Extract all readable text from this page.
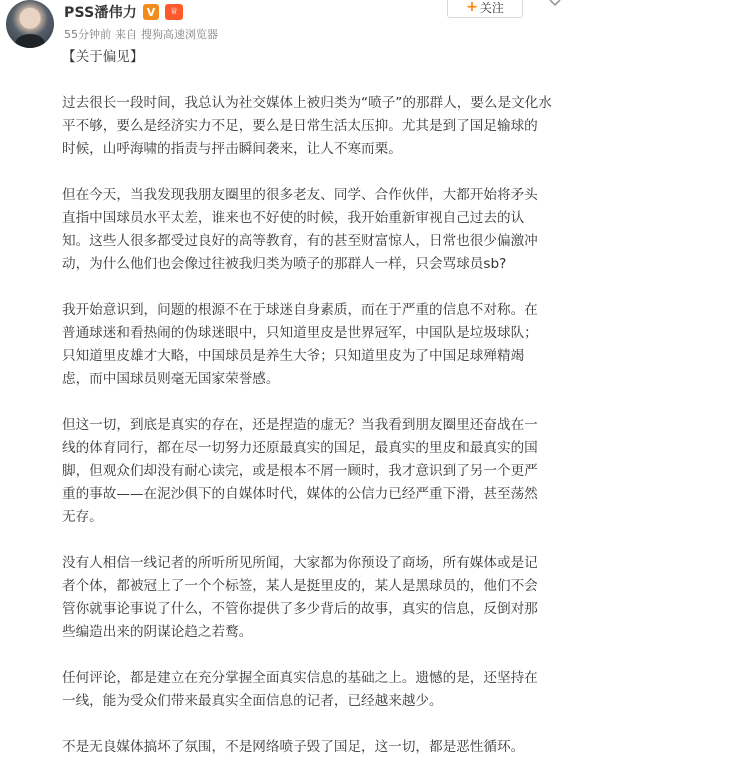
PSS潘伟力 V	♕
55分钟前 来自 搜狗高速浏览器
+ 关注

【关于偏见】

过去很长一段时间，我总认为社交媒体上被归类为“喷子”的那群人，要么是文化水
平不够，要么是经济实力不足，要么是日常生活太压抑。尤其是到了国足输球的
时候，山呼海啸的指责与抨击瞬间袭来，让人不寒而栗。

但在今天，当我发现我朋友圈里的很多老友、同学、合作伙伴，大都开始将矛头
直指中国球员水平太差，谁来也不好使的时候，我开始重新审视自己过去的认
知。这些人很多都受过良好的高等教育，有的甚至财富惊人，日常也很少偏激冲
动，为什么他们也会像过往被我归类为喷子的那群人一样，只会骂球员sb?

我开始意识到，问题的根源不在于球迷自身素质，而在于严重的信息不对称。在
普通球迷和看热闹的伪球迷眼中，只知道里皮是世界冠军，中国队是垃圾球队；
只知道里皮雄才大略，中国球员是养生大爷；只知道里皮为了中国足球殚精竭
虑，而中国球员则毫无国家荣誉感。

但这一切，到底是真实的存在，还是捏造的虚无？当我看到朋友圈里还奋战在一
线的体育同行，都在尽一切努力还原最真实的国足，最真实的里皮和最真实的国
脚，但观众们却没有耐心读完，或是根本不屑一顾时，我才意识到了另一个更严
重的事故——在泥沙俱下的自媒体时代，媒体的公信力已经严重下滑，甚至荡然
无存。

没有人相信一线记者的所听所见所闻，大家都为你预设了商场，所有媒体或是记
者个体，都被冠上了一个个标签，某人是挺里皮的，某人是黑球员的，他们不会
管你就事论事说了什么，不管你提供了多少背后的故事，真实的信息，反倒对那
些编造出来的阴谋论趋之若鹜。

任何评论，都是建立在充分掌握全面真实信息的基础之上。遗憾的是，还坚持在
一线，能为受众们带来最真实全面信息的记者，已经越来越少。

不是无良媒体搞坏了氛围，不是网络喷子毁了国足，这一切，都是恶性循环。
